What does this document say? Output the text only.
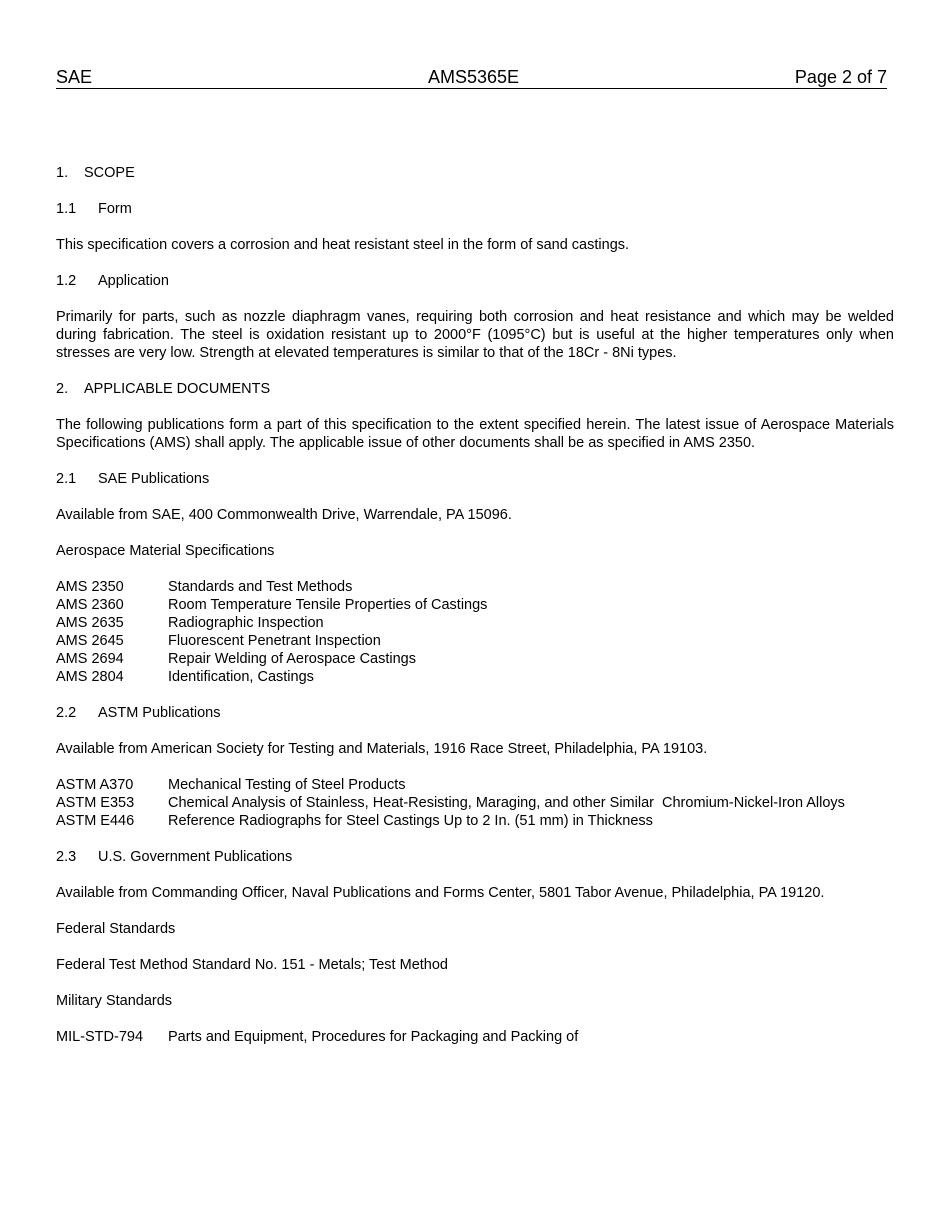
SAE	AMS5365E	Page 2 of 7
1. SCOPE
1.1 Form
This specification covers a corrosion and heat resistant steel in the form of sand castings.
1.2 Application
Primarily for parts, such as nozzle diaphragm vanes, requiring both corrosion and heat resistance and which may be welded during fabrication. The steel is oxidation resistant up to 2000°F (1095°C) but is useful at the higher temperatures only when stresses are very low. Strength at elevated temperatures is similar to that of the 18Cr - 8Ni types.
2. APPLICABLE DOCUMENTS
The following publications form a part of this specification to the extent specified herein. The latest issue of Aerospace Materials Specifications (AMS) shall apply. The applicable issue of other documents shall be as specified in AMS 2350.
2.1 SAE Publications
Available from SAE, 400 Commonwealth Drive, Warrendale, PA 15096.
Aerospace Material Specifications
AMS 2350	Standards and Test Methods
AMS 2360	Room Temperature Tensile Properties of Castings
AMS 2635	Radiographic Inspection
AMS 2645	Fluorescent Penetrant Inspection
AMS 2694	Repair Welding of Aerospace Castings
AMS 2804	Identification, Castings
2.2 ASTM Publications
Available from American Society for Testing and Materials, 1916 Race Street, Philadelphia, PA 19103.
ASTM A370	Mechanical Testing of Steel Products
ASTM E353	Chemical Analysis of Stainless, Heat-Resisting, Maraging, and other Similar  Chromium-Nickel-Iron Alloys
ASTM E446	Reference Radiographs for Steel Castings Up to 2 In. (51 mm) in Thickness
2.3 U.S. Government Publications
Available from Commanding Officer, Naval Publications and Forms Center, 5801 Tabor Avenue, Philadelphia, PA 19120.
Federal Standards
Federal Test Method Standard No. 151 - Metals; Test Method
Military Standards
MIL-STD-794	Parts and Equipment, Procedures for Packaging and Packing of
